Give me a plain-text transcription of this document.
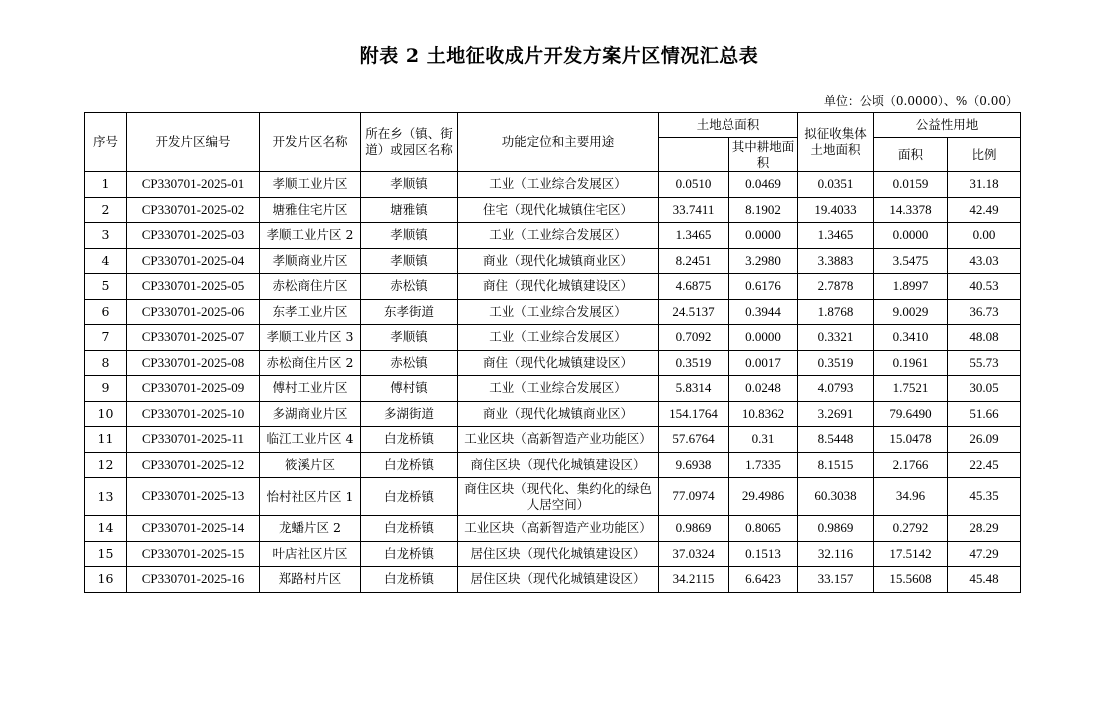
附表 2 土地征收成片开发方案片区情况汇总表
单位：公顷（0.0000）、%（0.00）
序号	开发片区编号	开发片区名称	所在乡（镇、街道）或园区名称	功能定位和主要用途	土地总面积		拟征收集体土地面积	公益性用地	
						其中耕地面积		面积	比例
1	CP330701-2025-01	孝顺工业片区	孝顺镇	工业（工业综合发展区）	0.0510	0.0469	0.0351	0.0159	31.18
2	CP330701-2025-02	塘雅住宅片区	塘雅镇	住宅（现代化城镇住宅区）	33.7411	8.1902	19.4033	14.3378	42.49
3	CP330701-2025-03	孝顺工业片区 2	孝顺镇	工业（工业综合发展区）	1.3465	0.0000	1.3465	0.0000	0.00
4	CP330701-2025-04	孝顺商业片区	孝顺镇	商业（现代化城镇商业区）	8.2451	3.2980	3.3883	3.5475	43.03
5	CP330701-2025-05	赤松商住片区	赤松镇	商住（现代化城镇建设区）	4.6875	0.6176	2.7878	1.8997	40.53
6	CP330701-2025-06	东孝工业片区	东孝街道	工业（工业综合发展区）	24.5137	0.3944	1.8768	9.0029	36.73
7	CP330701-2025-07	孝顺工业片区 3	孝顺镇	工业（工业综合发展区）	0.7092	0.0000	0.3321	0.3410	48.08
8	CP330701-2025-08	赤松商住片区 2	赤松镇	商住（现代化城镇建设区）	0.3519	0.0017	0.3519	0.1961	55.73
9	CP330701-2025-09	傅村工业片区	傅村镇	工业（工业综合发展区）	5.8314	0.0248	4.0793	1.7521	30.05
10	CP330701-2025-10	多湖商业片区	多湖街道	商业（现代化城镇商业区）	154.1764	10.8362	3.2691	79.6490	51.66
11	CP330701-2025-11	临江工业片区 4	白龙桥镇	工业区块（高新智造产业功能区）	57.6764	0.31	8.5448	15.0478	26.09
12	CP330701-2025-12	筱溪片区	白龙桥镇	商住区块（现代化城镇建设区）	9.6938	1.7335	8.1515	2.1766	22.45
13	CP330701-2025-13	怡村社区片区 1	白龙桥镇	商住区块（现代化、集约化的绿色人居空间）	77.0974	29.4986	60.3038	34.96	45.35
14	CP330701-2025-14	龙蟠片区 2	白龙桥镇	工业区块（高新智造产业功能区）	0.9869	0.8065	0.9869	0.2792	28.29
15	CP330701-2025-15	叶店社区片区	白龙桥镇	居住区块（现代化城镇建设区）	37.0324	0.1513	32.116	17.5142	47.29
16	CP330701-2025-16	郑路村片区	白龙桥镇	居住区块（现代化城镇建设区）	34.2115	6.6423	33.157	15.5608	45.48
